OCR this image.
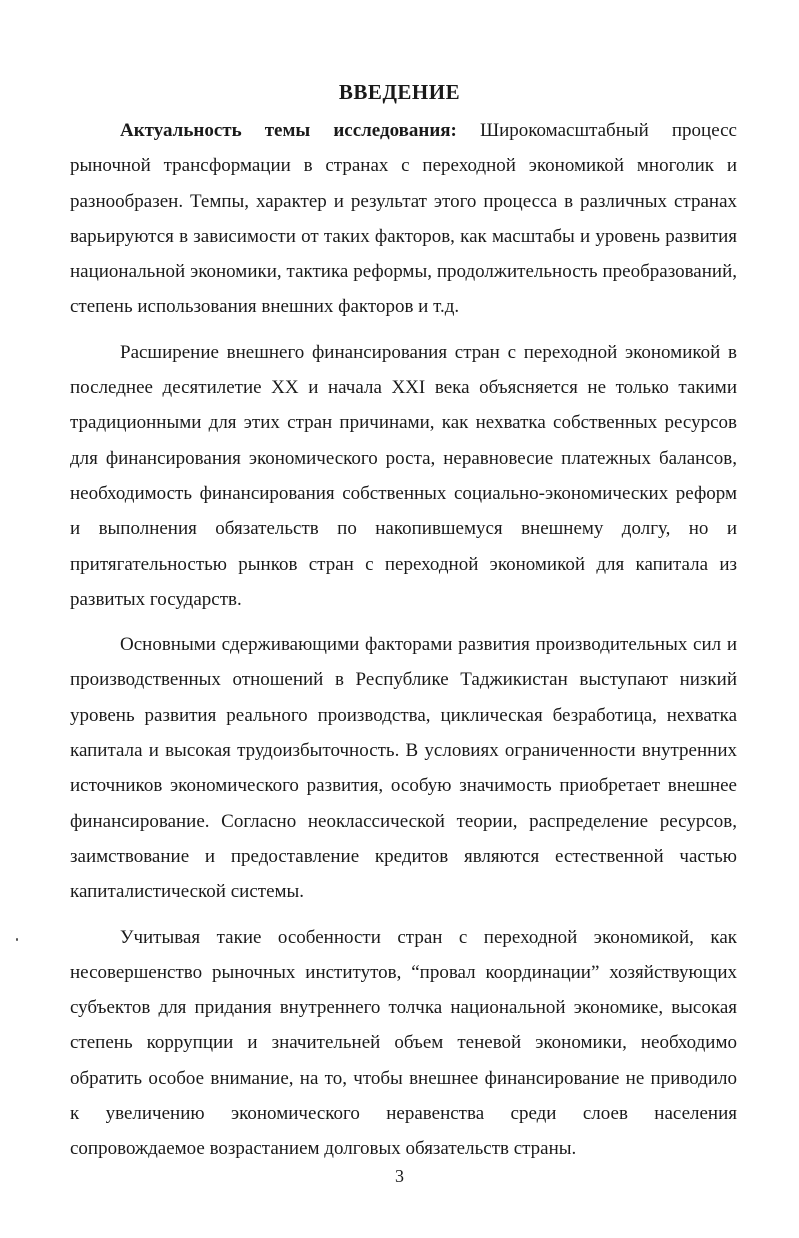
ВВЕДЕНИЕ

Актуальность темы исследования: Широкомасштабный процесс рыночной трансформации в странах с переходной экономикой многолик и разнообразен. Темпы, характер и результат этого процесса в различных странах варьируются в зависимости от таких факторов, как масштабы и уровень развития национальной экономики, тактика реформы, продолжительность преобразований, степень использования внешних факторов и т.д.

Расширение внешнего финансирования стран с переходной экономикой в последнее десятилетие XX и начала XXI века объясняется не только такими традиционными для этих стран причинами, как нехватка собственных ресурсов для финансирования экономического роста, неравновесие платежных балансов, необходимость финансирования собственных социально-экономических реформ и выполнения обязательств по накопившемуся внешнему долгу, но и притягательностью рынков стран с переходной экономикой для капитала из развитых государств.

Основными сдерживающими факторами развития производительных сил и производственных отношений в Республике Таджикистан выступают низкий уровень развития реального производства, циклическая безработица, нехватка капитала и высокая трудоизбыточность. В условиях ограниченности внутренних источников экономического развития, особую значимость приобретает внешнее финансирование. Согласно неоклассической теории, распределение ресурсов, заимствование и предоставление кредитов являются естественной частью капиталистической системы.

Учитывая такие особенности стран с переходной экономикой, как несовершенство рыночных институтов, “провал координации” хозяйствующих субъектов для придания внутреннего толчка национальной экономике, высокая степень коррупции и значительней объем теневой экономики, необходимо обратить особое внимание, на то, чтобы внешнее финансирование не приводило к увеличению экономического неравенства среди слоев населения сопровождаемое возрастанием долговых обязательств страны.

3
